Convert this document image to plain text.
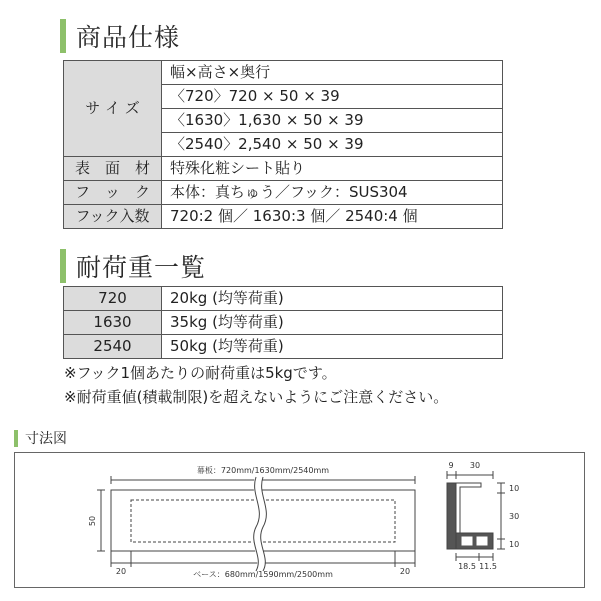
商品仕様
サ イ ズ	幅×高さ×奥行
	〈720〉720 × 50 × 39
	〈1630〉1,630 × 50 × 39
	〈2540〉2,540 × 50 × 39
表　面　材	特殊化粧シート貼り
フ　ッ　ク	本体：真ちゅう／フック：SUS304
フック入数	720:2 個／ 1630:3 個／ 2540:4 個
耐荷重一覧
720	20kg (均等荷重)
1630	35kg (均等荷重)
2540	50kg (均等荷重)
※フック1個あたりの耐荷重は5kgです。
※耐荷重値(積載制限)を超えないようにご注意ください。
寸法図
幕板：720mm/1630mm/2540mm
ベース：680mm/1590mm/2500mm
50
20	20
9 30
10
30
10
18.5 11.5
